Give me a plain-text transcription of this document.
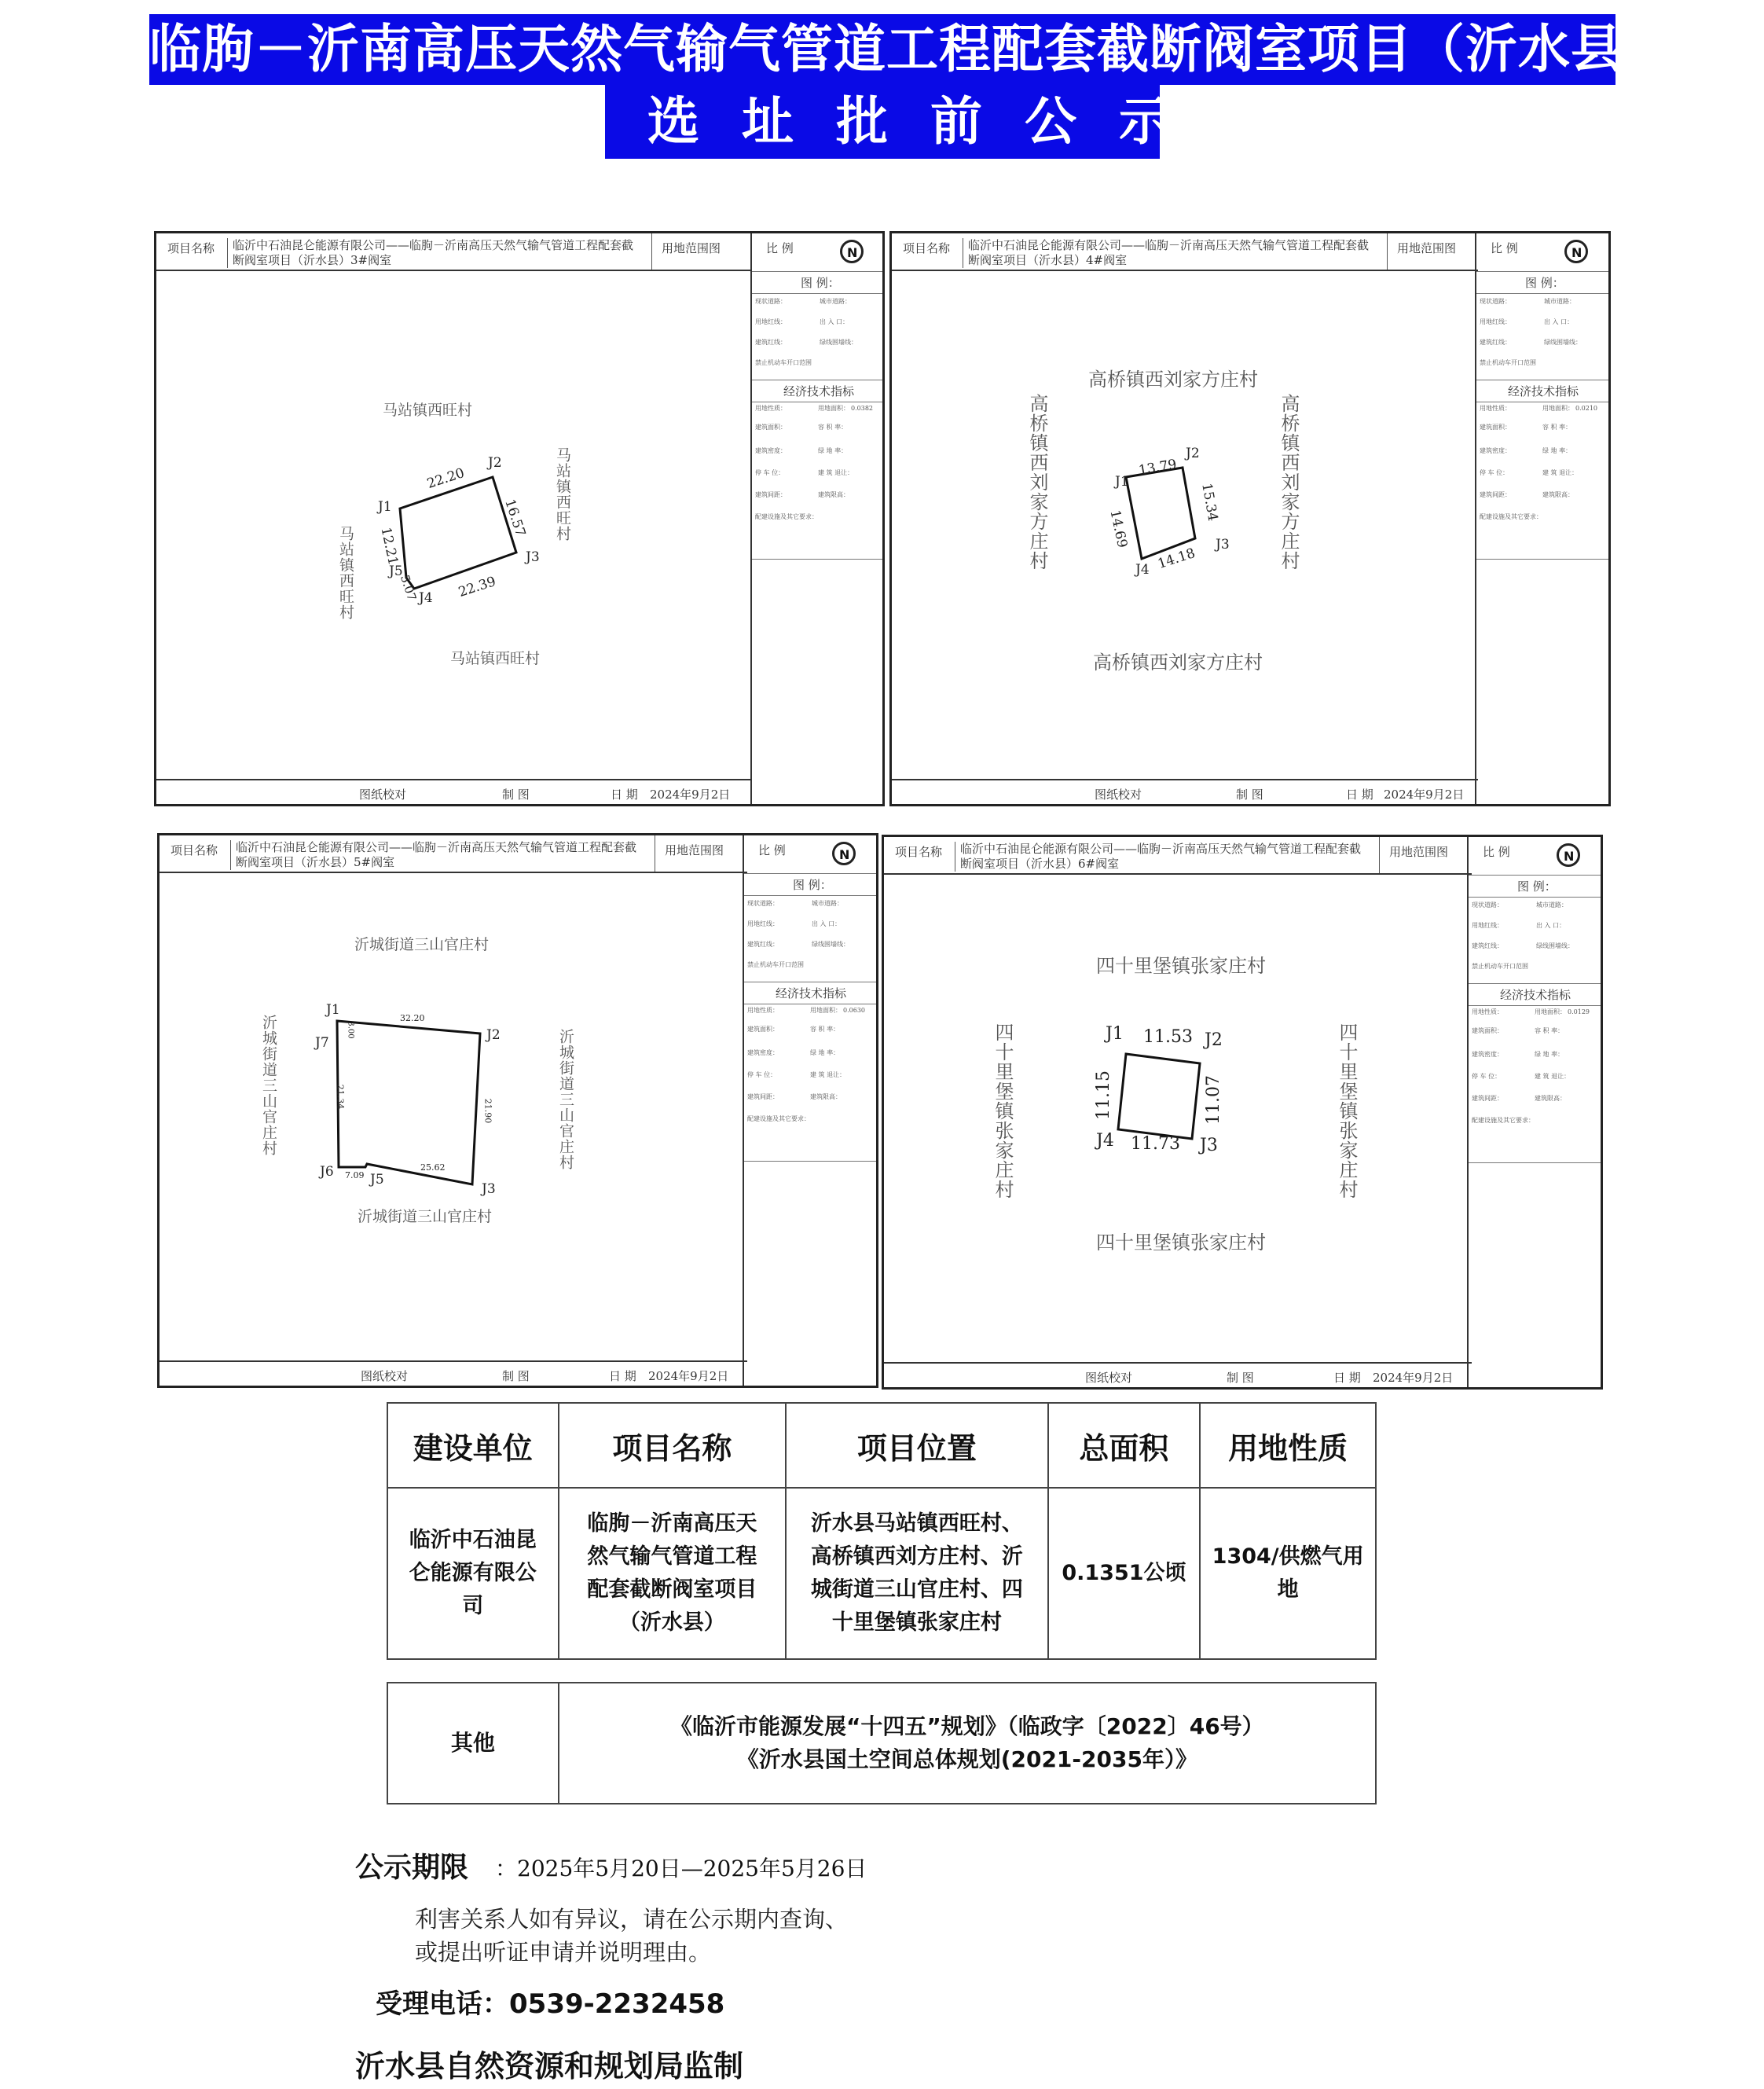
临朐－沂南高压天然气输气管道工程配套截断阀室项目（沂水县）
选址批前公示
项目名称	临沂中石油昆仑能源有限公司——临朐－沂南高压天然气输气管道工程配套截断阀室项目（沂水县）3#阀室
用地范围图	比 例
N
图 例：
现状道路：	城市道路：
用地红线：	出 入 口：
建筑红线：	绿线围墙线：
禁止机动车开口范围
经济技术指标
用地性质：	用地面积： 0.0382
建筑面积：	容 积 率：
建筑密度：	绿 地 率：
停 车 位：	建 筑 退让：
建筑限高：
建筑间距：
配建设施及其它要求：
图纸校对	制 图	日 期 2024年9月2日
马站镇西旺村
马站镇西旺村
马站镇西旺村
马站镇西旺村
J1
J2
J3
J4
J5
22.20
16.57
22.39
5.07
12.21
项目名称	临沂中石油昆仑能源有限公司——临朐－沂南高压天然气输气管道工程配套截断阀室项目（沂水县）4#阀室
用地范围图	比 例
N
图 例：
现状道路：	城市道路：
用地红线：	出 入 口：
建筑红线：	绿线围墙线：
禁止机动车开口范围
经济技术指标
用地性质：	用地面积： 0.0210
建筑面积：	容 积 率：
建筑密度：	绿 地 率：
停 车 位：	建 筑 退让：
建筑限高：
建筑间距：
配建设施及其它要求：
图纸校对	制 图	日 期 2024年9月2日
高桥镇西刘家方庄村
高桥镇西刘家方庄村
高桥镇西刘家方庄村	高桥镇西刘家方庄村
J1
J2
J3
J4
13.79
15.34
14.18
14.69
项目名称	临沂中石油昆仑能源有限公司——临朐－沂南高压天然气输气管道工程配套截断阀室项目（沂水县）5#阀室
用地范围图	比 例
N
图 例：
现状道路：	城市道路：
用地红线：	出 入 口：
建筑红线：	绿线围墙线：
禁止机动车开口范围
经济技术指标
用地性质：	用地面积： 0.0630
建筑面积：	容 积 率：
建筑密度：	绿 地 率：
停 车 位：	建 筑 退让：
建筑限高：
建筑间距：
配建设施及其它要求：
图纸校对	制 图	日 期 2024年9月2日
沂城街道三山官庄村
沂城街道三山官庄村
沂城街道三山官庄村	沂城街道三山官庄村
J1
J2
J3
J5
J6
J7
32.20
21.90
25.62
7.09
21.34
3.00
项目名称	临沂中石油昆仑能源有限公司——临朐－沂南高压天然气输气管道工程配套截断阀室项目（沂水县）6#阀室
用地范围图	比 例
N
图 例：
现状道路：	城市道路：
用地红线：	出 入 口：
建筑红线：	绿线围墙线：
禁止机动车开口范围
经济技术指标
用地性质：	用地面积： 0.0129
建筑面积：	容 积 率：
建筑密度：	绿 地 率：
停 车 位：	建 筑 退让：
建筑限高：
建筑间距：
配建设施及其它要求：
图纸校对	制 图	日 期 2024年9月2日
四十里堡镇张家庄村
四十里堡镇张家庄村
四十里堡镇张家庄村	四十里堡镇张家庄村
J1	J2
J3
J4
11.53
11.07
11.73
11.15
建设单位	项目名称	项目位置	总面积	用地性质
临沂中石油昆仑能源有限公司	临朐－沂南高压天然气输气管道工程配套截断阀室项目（沂水县）	沂水县马站镇西旺村、高桥镇西刘方庄村、沂城街道三山官庄村、四十里堡镇张家庄村	0.1351公顷	1304/供燃气用地
其他	
《临沂市能源发展“十四五”规划》（临政字〔2022〕46号）
《沂水县国土空间总体规划(2021-2035年）》
公示期限 ：2025年5月20日—2025年5月26日
利害关系人如有异议，请在公示期内查询、
或提出听证申请并说明理由。
受理电话：0539-2232458
沂水县自然资源和规划局监制
